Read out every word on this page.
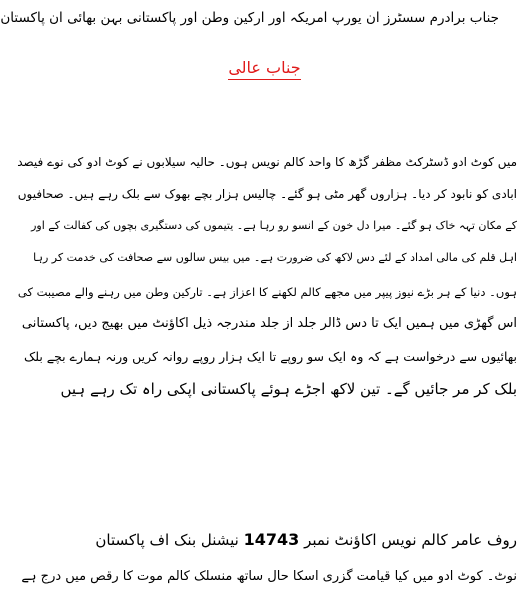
جناب برادرم سسٹرز ان یورپ امریکہ اور ارکین وطن اور پاکستانی بہن بھائی ان پاکستان
جناب عالی
میں کوٹ ادو ڈسٹرکٹ مظفر گڑھ کا واحد کالم نویس ہوں۔ حالیہ سیلابوں نے کوٹ ادو کی نوے فیصد
ابادی کو نابود کر دیا۔ ہزاروں گھر مٹی ہو گئے۔ چالیس ہزار بچے بھوک سے بلک رہے ہیں۔ صحافیوں
کے مکان تہہ خاک ہو گئے۔ میرا دل خون کے انسو رو رہا ہے۔ یتیموں کی دستگیری بچوں کی کفالت کے اور
اہل قلم کی مالی امداد کے لئے دس لاکھ کی ضرورت ہے۔ میں بیس سالوں سے صحافت کی خدمت کر رہا
ہوں۔ دنیا کے ہر بڑے نیوز پیپر میں مجھے کالم لکھنے کا اعزاز ہے۔ تارکین وطن میں رہنے والے مصیبت کی
اس گھڑی میں ہمیں ایک تا دس ڈالر جلد از جلد مندرجہ ذیل اکاؤنٹ میں بھیج دیں، پاکستانی
بھائیوں سے درخواست ہے کہ وہ ایک سو روپے تا ایک ہزار روپے روانہ کریں ورنہ ہمارے بچے بلک
بلک کر مر جائیں گے۔ تین لاکھ اجڑے ہوئے پاکستانی اپکی راہ تک رہے ہیں
روف عامر کالم نویس اکاؤنٹ نمبر 14743 نیشنل بنک اف پاکستان
نوٹ۔ کوٹ ادو میں کیا قیامت گزری اسکا حال ساتھ منسلک کالم موت کا رقص میں درج ہے
